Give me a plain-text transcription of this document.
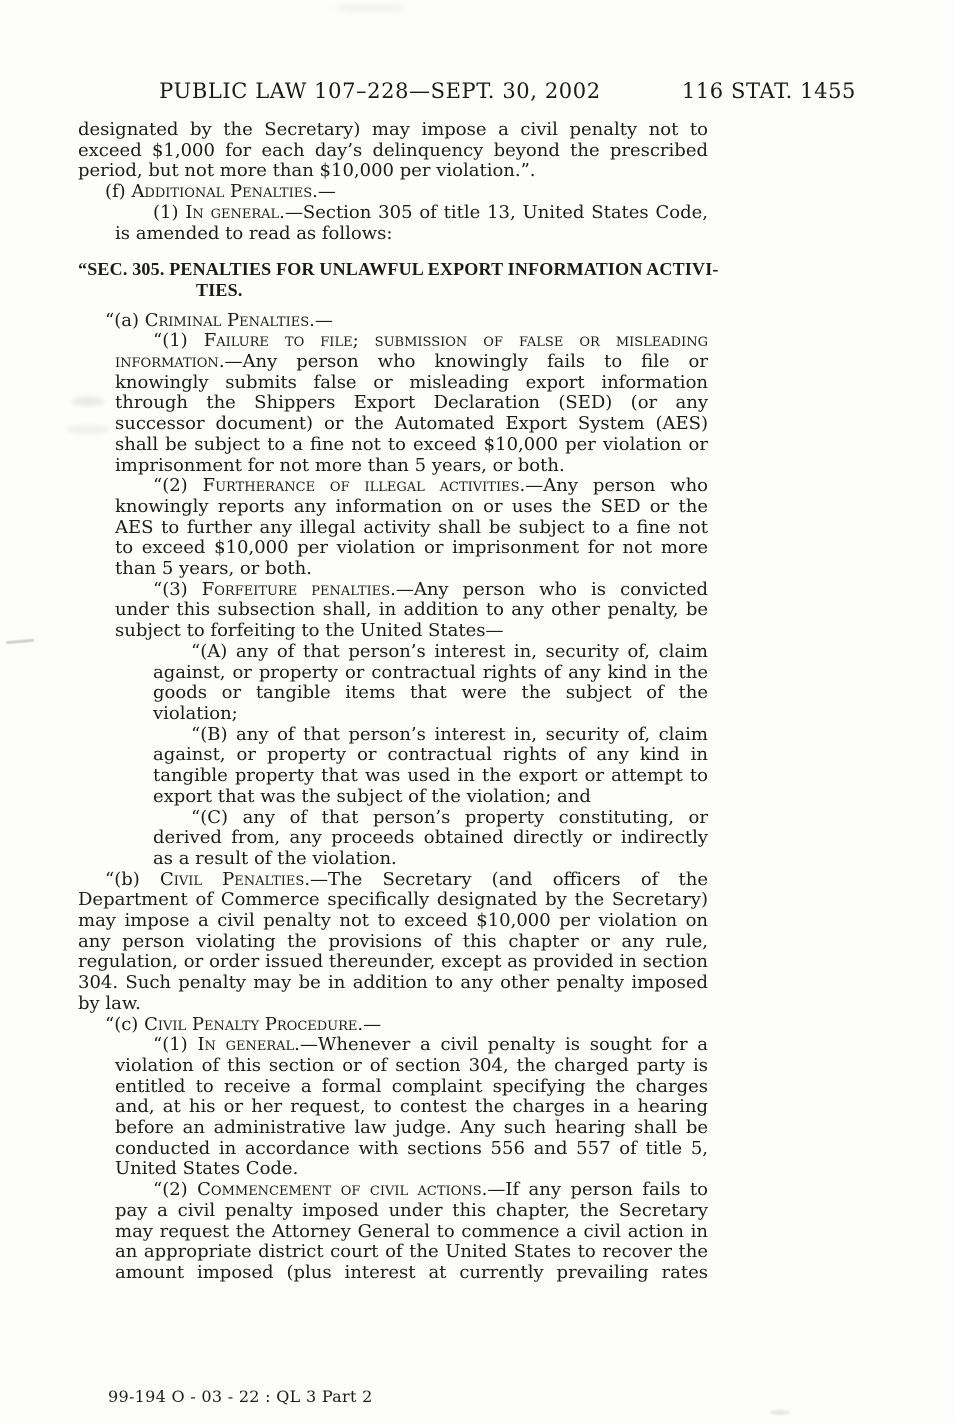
PUBLIC LAW 107–228—SEPT. 30, 2002	116 STAT. 1455

designated by the Secretary) may impose a civil penalty not to exceed $1,000 for each day’s delinquency beyond the prescribed period, but not more than $10,000 per violation.”.

(f) Additional Penalties.—

(1) In general.—Section 305 of title 13, United States Code, is amended to read as follows:

“SEC. 305. PENALTIES FOR UNLAWFUL EXPORT INFORMATION ACTIVI-

TIES.

“(a) Criminal Penalties.—

“(1) Failure to file; submission of false or misleading information.—Any person who knowingly fails to file or knowingly submits false or misleading export information through the Shippers Export Declaration (SED) (or any successor document) or the Automated Export System (AES) shall be subject to a fine not to exceed $10,000 per violation or imprisonment for not more than 5 years, or both.

“(2) Furtherance of illegal activities.—Any person who knowingly reports any information on or uses the SED or the AES to further any illegal activity shall be subject to a fine not to exceed $10,000 per violation or imprisonment for not more than 5 years, or both.

“(3) Forfeiture penalties.—Any person who is convicted under this subsection shall, in addition to any other penalty, be subject to forfeiting to the United States—

“(A) any of that person’s interest in, security of, claim against, or property or contractual rights of any kind in the goods or tangible items that were the subject of the violation;

“(B) any of that person’s interest in, security of, claim against, or property or contractual rights of any kind in tangible property that was used in the export or attempt to export that was the subject of the violation; and

“(C) any of that person’s property constituting, or derived from, any proceeds obtained directly or indirectly as a result of the violation.

“(b) Civil Penalties.—The Secretary (and officers of the Department of Commerce specifically designated by the Secretary) may impose a civil penalty not to exceed $10,000 per violation on any person violating the provisions of this chapter or any rule, regulation, or order issued thereunder, except as provided in section 304. Such penalty may be in addition to any other penalty imposed by law.

“(c) Civil Penalty Procedure.—

“(1) In general.—Whenever a civil penalty is sought for a violation of this section or of section 304, the charged party is entitled to receive a formal complaint specifying the charges and, at his or her request, to contest the charges in a hearing before an administrative law judge. Any such hearing shall be conducted in accordance with sections 556 and 557 of title 5, United States Code.

“(2) Commencement of civil actions.—If any person fails to pay a civil penalty imposed under this chapter, the Secretary may request the Attorney General to commence a civil action in an appropriate district court of the United States to recover the amount imposed (plus interest at currently prevailing rates

99-194 O - 03 - 22 : QL 3 Part 2
